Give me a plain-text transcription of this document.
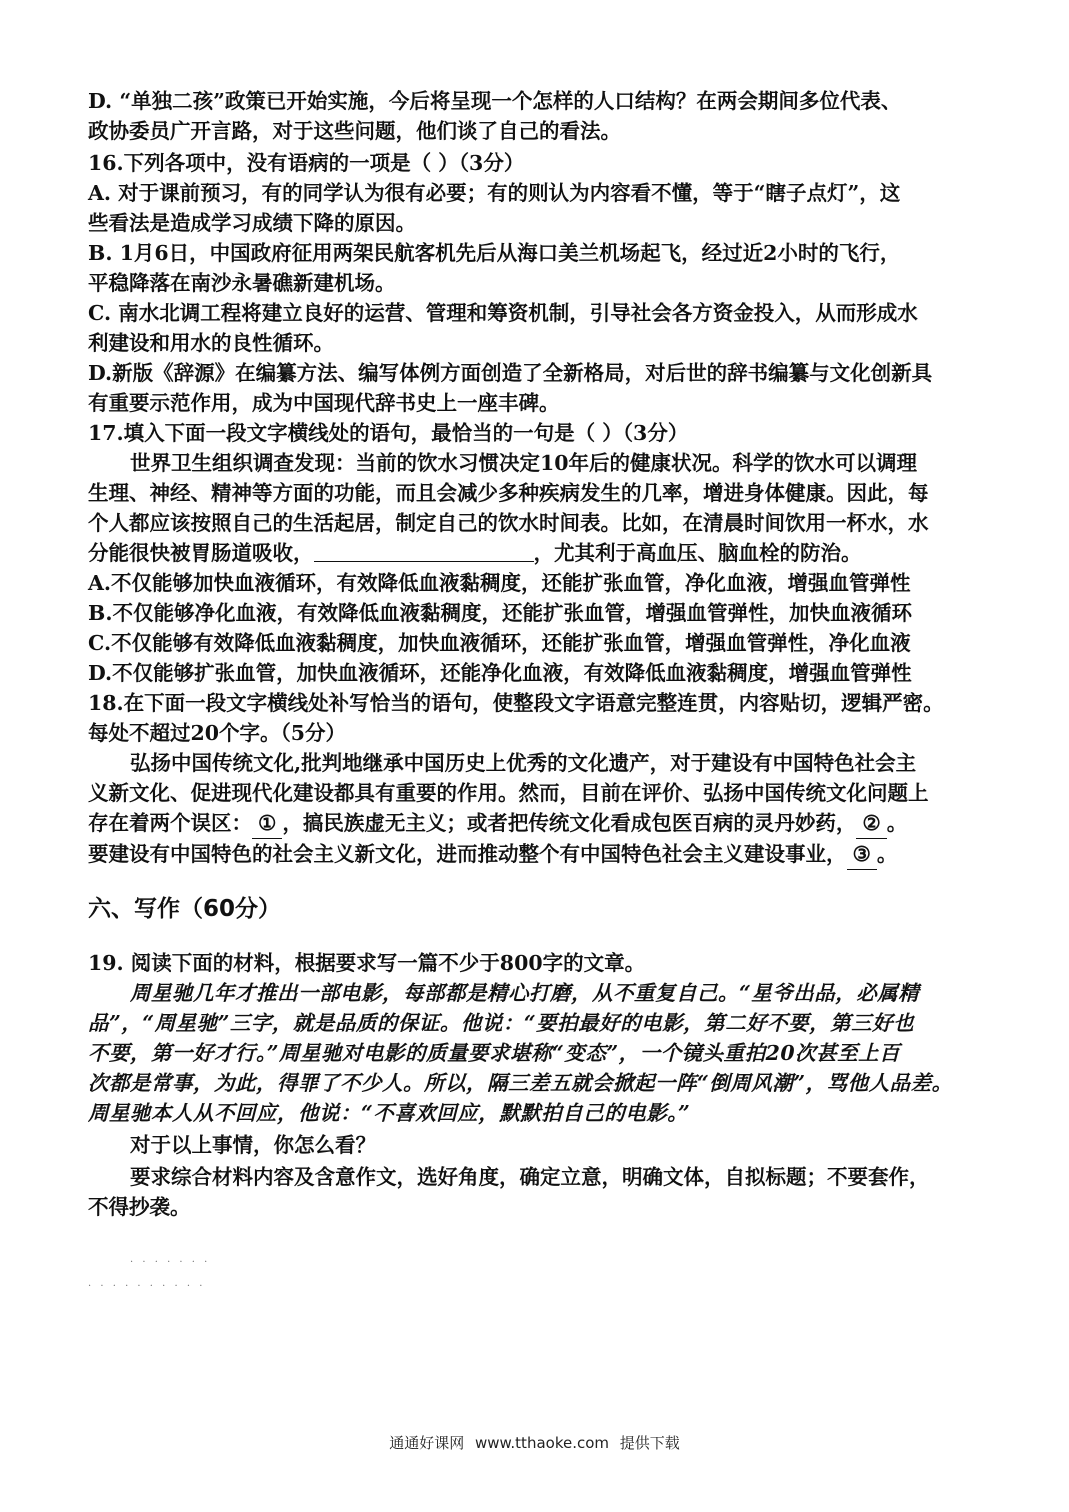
D. “单独二孩”政策已开始实施，今后将呈现一个怎样的人口结构？在两会期间多位代表、

政协委员广开言路，对于这些问题，他们谈了自己的看法。

16.下列各项中，没有语病的一项是（ ）（3分）

A. 对于课前预习，有的同学认为很有必要；有的则认为内容看不懂，等于“瞎子点灯”，这

些看法是造成学习成绩下降的原因。

B. 1月6日，中国政府征用两架民航客机先后从海口美兰机场起飞，经过近2小时的飞行，

平稳降落在南沙永暑礁新建机场。

C. 南水北调工程将建立良好的运营、管理和筹资机制，引导社会各方资金投入，从而形成水

利建设和用水的良性循环。

D.新版《辞源》在编纂方法、编写体例方面创造了全新格局，对后世的辞书编纂与文化创新具

有重要示范作用，成为中国现代辞书史上一座丰碑。

17.填入下面一段文字横线处的语句，最恰当的一句是（ ）（3分）

世界卫生组织调查发现：当前的饮水习惯决定10年后的健康状况。科学的饮水可以调理

生理、神经、精神等方面的功能，而且会减少多种疾病发生的几率，增进身体健康。因此，每

个人都应该按照自己的生活起居，制定自己的饮水时间表。比如，在清晨时间饮用一杯水，水

分能很快被胃肠道吸收，	，尤其利于高血压、脑血栓的防治。

A.不仅能够加快血液循环，有效降低血液黏稠度，还能扩张血管，净化血液，增强血管弹性

B.不仅能够净化血液，有效降低血液黏稠度，还能扩张血管，增强血管弹性，加快血液循环

C.不仅能够有效降低血液黏稠度，加快血液循环，还能扩张血管，增强血管弹性，净化血液

D.不仅能够扩张血管，加快血液循环，还能净化血液，有效降低血液黏稠度，增强血管弹性

18.在下面一段文字横线处补写恰当的语句，使整段文字语意完整连贯，内容贴切，逻辑严密。

每处不超过20个字。（5分）

弘扬中国传统文化,批判地继承中国历史上优秀的文化遗产，对于建设有中国特色社会主

义新文化、促进现代化建设都具有重要的作用。然而，目前在评价、弘扬中国传统文化问题上

存在着两个误区： ① ，搞民族虚无主义；或者把传统文化看成包医百病的灵丹妙药， ② 。

要建设有中国特色的社会主义新文化，进而推动整个有中国特色社会主义建设事业， ③ 。

六、写作（60分）

19. 阅读下面的材料，根据要求写一篇不少于800字的文章。

周星驰几年才推出一部电影，每部都是精心打磨，从不重复自己。“星爷出品，必属精

品”，“周星驰”三字，就是品质的保证。他说：“要拍最好的电影，第二好不要，第三好也

不要，第一好才行。”周星驰对电影的质量要求堪称“变态”，一个镜头重拍20次甚至上百

次都是常事，为此，得罪了不少人。所以，隔三差五就会掀起一阵“倒周风潮”，骂他人品差。

周星驰本人从不回应，他说：“不喜欢回应，默默拍自己的电影。”

对于以上事情，你怎么看？

要求综合材料内容及含意作文，选好角度，确定立意，明确文体，自拟标题；不要套作，

不得抄袭。

· · · · · · ·
· · · · · · · · · ·
通通好课网 www.tthaoke.com 提供下载
